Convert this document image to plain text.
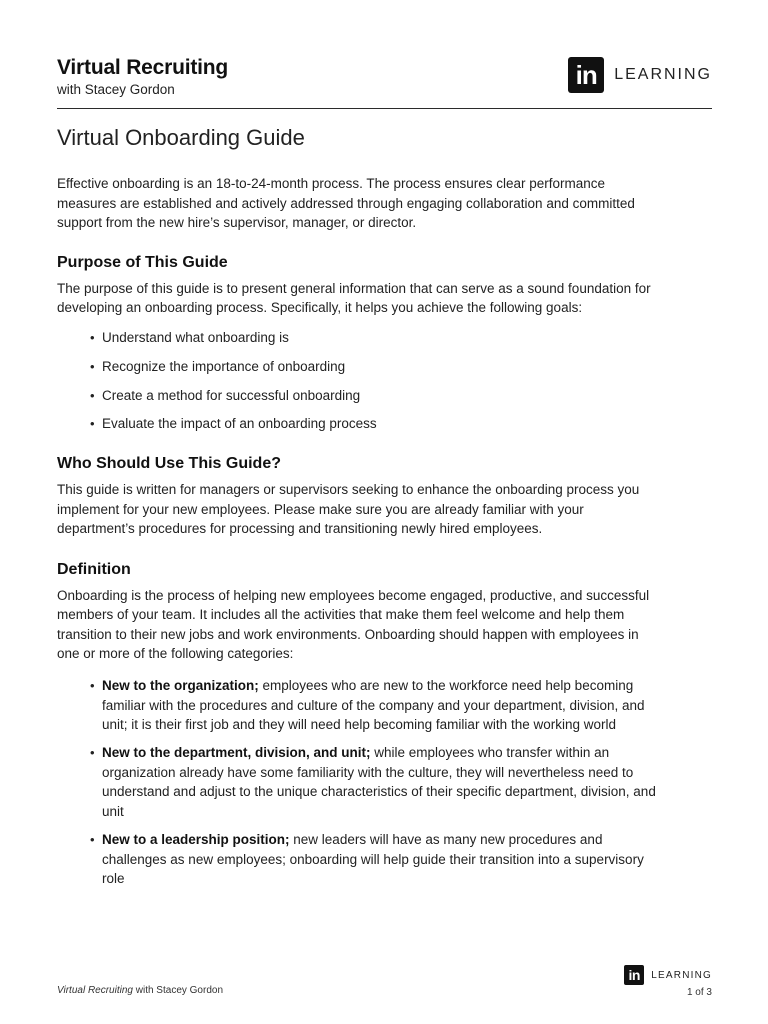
Virtual Recruiting
with Stacey Gordon	in	LEARNING
Virtual Onboarding Guide

Effective onboarding is an 18-to-24-month process. The process ensures clear performance measures are established and actively addressed through engaging collaboration and committed support from the new hire’s supervisor, manager, or director.

Purpose of This Guide

The purpose of this guide is to present general information that can serve as a sound foundation for developing an onboarding process. Specifically, it helps you achieve the following goals:

• Understand what onboarding is
• Recognize the importance of onboarding
• Create a method for successful onboarding
• Evaluate the impact of an onboarding process
Who Should Use This Guide?

This guide is written for managers or supervisors seeking to enhance the onboarding process you implement for your new employees. Please make sure you are already familiar with your department’s procedures for processing and transitioning newly hired employees.

Definition

Onboarding is the process of helping new employees become engaged, productive, and successful members of your team. It includes all the activities that make them feel welcome and help them transition to their new jobs and work environments. Onboarding should happen with employees in one or more of the following categories:

• New to the organization; employees who are new to the workforce need help becoming familiar with the procedures and culture of the company and your department, division, and unit; it is their first job and they will need help becoming familiar with the working world
• New to the department, division, and unit; while employees who transfer within an organization already have some familiarity with the culture, they will nevertheless need to understand and adjust to the unique characteristics of their specific department, division, and unit
• New to a leadership position; new leaders will have as many new procedures and challenges as new employees; onboarding will help guide their transition into a supervisory role
Virtual Recruiting with Stacey Gordon
in	LEARNING
1 of 3
